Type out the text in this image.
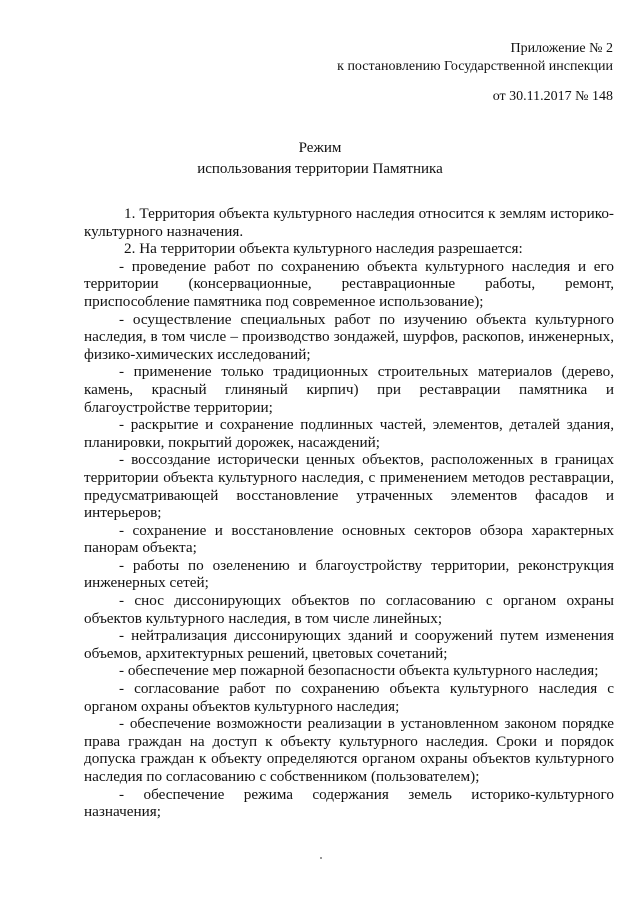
Приложение № 2
к постановлению Государственной инспекции
от 30.11.2017 № 148
Режим
использования территории Памятника

1. Территория объекта культурного наследия относится к землям историко-культурного назначения.

2. На территории объекта культурного наследия разрешается:

- проведение работ по сохранению объекта культурного наследия и его территории (консервационные, реставрационные работы, ремонт, приспособление памятника под современное использование);

- осуществление специальных работ по изучению объекта культурного наследия, в том числе – производство зондажей, шурфов, раскопов, инженерных, физико-химических исследований;

- применение только традиционных строительных материалов (дерево, камень, красный глиняный кирпич) при реставрации памятника и благоустройстве территории;

- раскрытие и сохранение подлинных частей, элементов, деталей здания, планировки, покрытий дорожек, насаждений;

- воссоздание исторически ценных объектов, расположенных в границах территории объекта культурного наследия, с применением методов реставрации, предусматривающей восстановление утраченных элементов фасадов и интерьеров;

- сохранение и восстановление основных секторов обзора характерных панорам объекта;

- работы по озеленению и благоустройству территории, реконструкция инженерных сетей;

- снос диссонирующих объектов по согласованию с органом охраны объектов культурного наследия, в том числе линейных;

- нейтрализация диссонирующих зданий и сооружений путем изменения объемов, архитектурных решений, цветовых сочетаний;

- обеспечение мер пожарной безопасности объекта культурного наследия;

- согласование работ по сохранению объекта культурного наследия с органом охраны объектов культурного наследия;

- обеспечение возможности реализации в установленном законом порядке права граждан на доступ к объекту культурного наследия. Сроки и порядок допуска граждан к объекту определяются органом охраны объектов культурного наследия по согласованию с собственником (пользователем);

- обеспечение режима содержания земель историко-культурного назначения;
